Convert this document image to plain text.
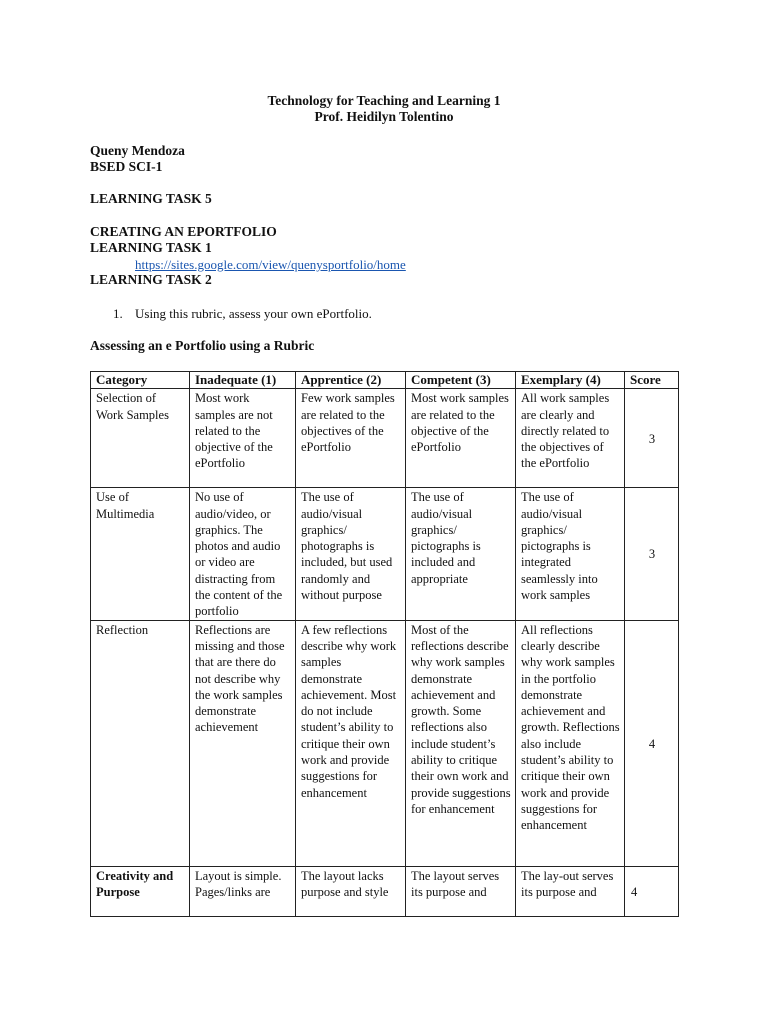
Technology for Teaching and Learning 1
Prof. Heidilyn Tolentino
Queny Mendoza
BSED SCI-1
LEARNING TASK 5
CREATING AN EPORTFOLIO
LEARNING TASK 1
https://sites.google.com/view/quenysportfolio/home
LEARNING TASK 2
1. Using this rubric, assess your own ePortfolio.
Assessing an e Portfolio using a Rubric
Category	Inadequate (1)	Apprentice (2)	Competent (3)	Exemplary (4)	Score
Selection of Work Samples	Most work samples are not related to the objective of the ePortfolio	Few work samples are related to the objectives of the ePortfolio	Most work samples are related to the objective of the ePortfolio	All work samples are clearly and directly related to the objectives of the ePortfolio	3
Use of Multimedia	No use of audio/video, or graphics. The photos and audio or video are distracting from the content of the portfolio	The use of audio/visual graphics/ photographs is included, but used randomly and without purpose	The use of audio/visual graphics/ pictographs is included and appropriate	The use of audio/visual graphics/ pictographs is integrated seamlessly into work samples	3
Reflection	Reflections are missing and those that are there do not describe why the work samples demonstrate achievement	A few reflections describe why work samples demonstrate achievement. Most do not include student’s ability to critique their own work and provide suggestions for enhancement	Most of the reflections describe why work samples demonstrate achievement and growth. Some reflections also include student’s ability to critique their own work and provide suggestions for enhancement	All reflections clearly describe why work samples in the portfolio demonstrate achievement and growth. Reflections also include student’s ability to critique their own work and provide suggestions for enhancement	4
Creativity and Purpose	Layout is simple. Pages/links are	The layout lacks purpose and style	The layout serves its purpose and	The lay-out serves its purpose and	4
